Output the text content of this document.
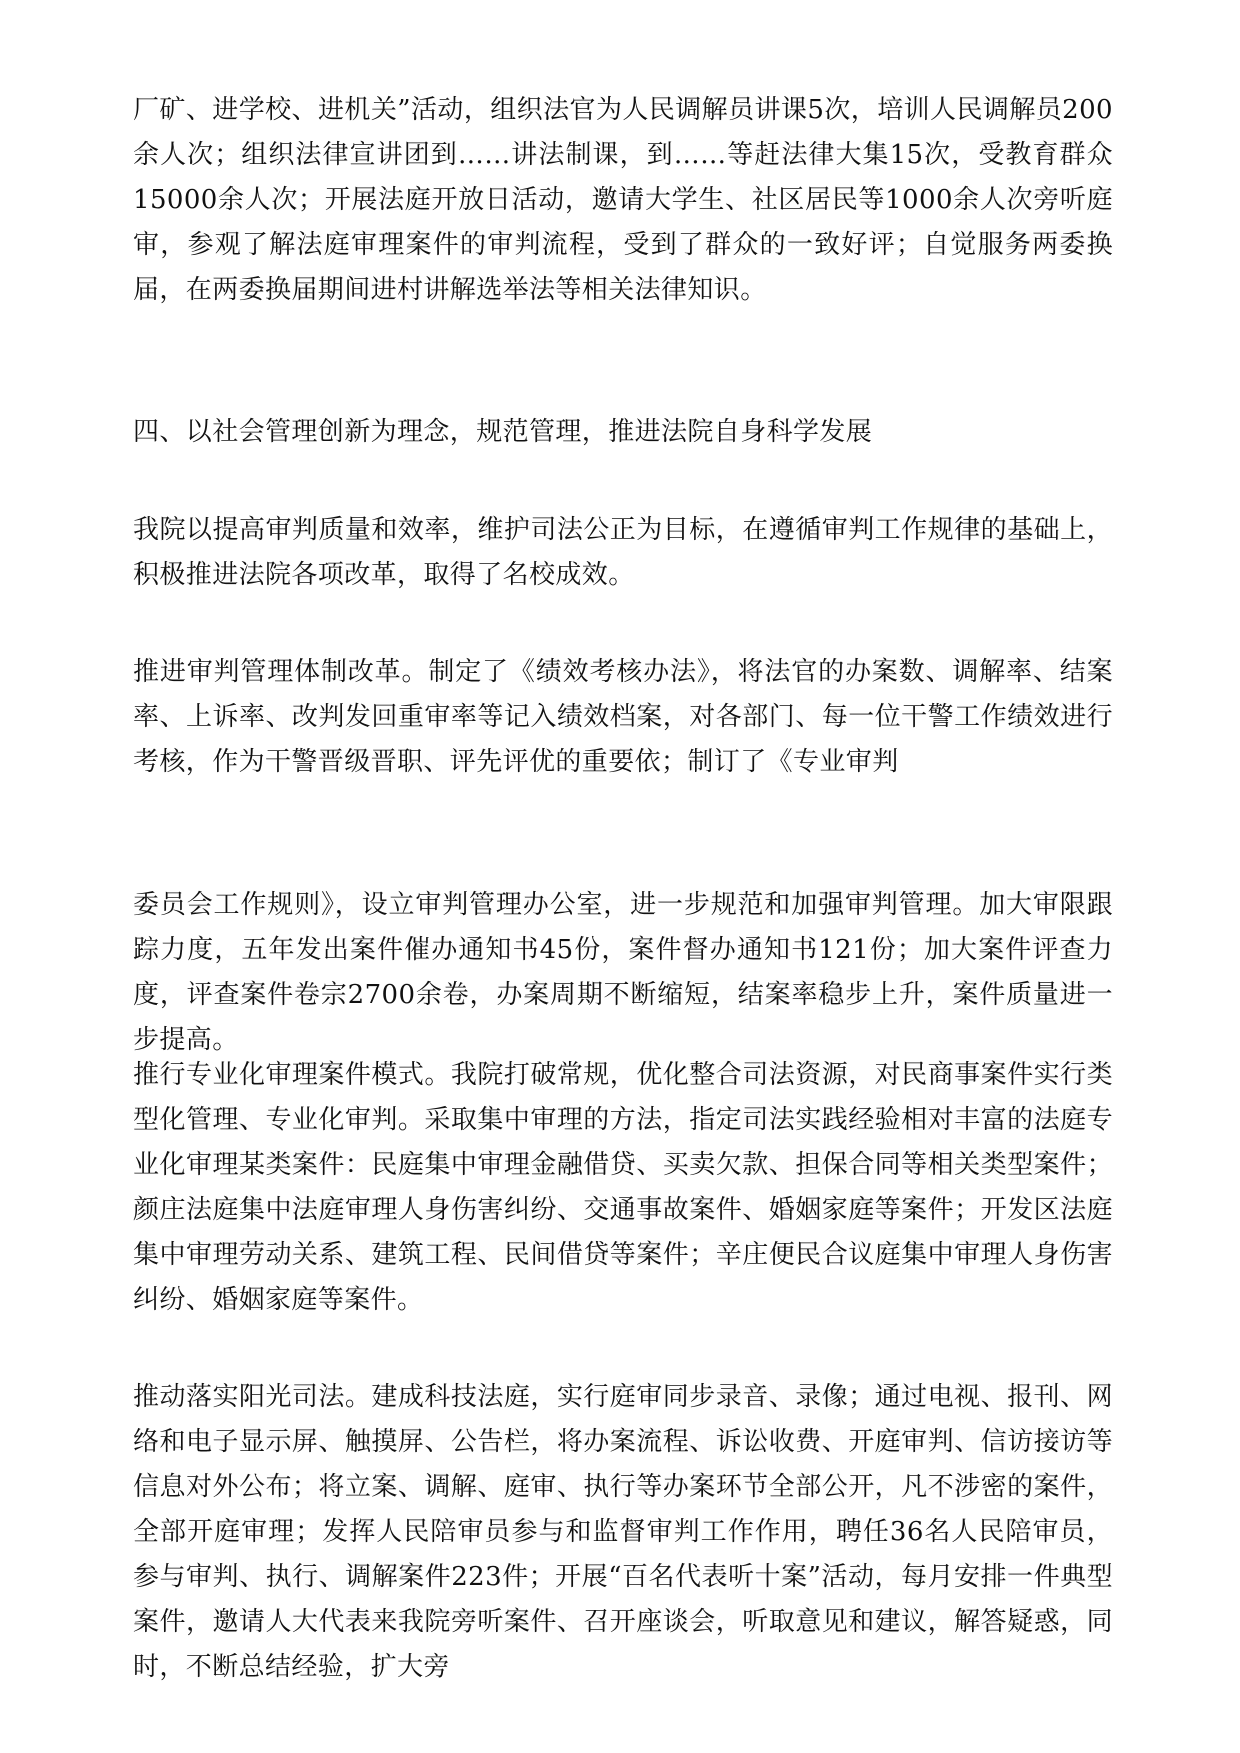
厂矿、进学校、进机关”活动，组织法官为人民调解员讲课5次，培训人民调解员200余人次；组织法律宣讲团到……讲法制课，到……等赶法律大集15次，受教育群众15000余人次；开展法庭开放日活动，邀请大学生、社区居民等1000余人次旁听庭审，参观了解法庭审理案件的审判流程，受到了群众的一致好评；自觉服务两委换届，在两委换届期间进村讲解选举法等相关法律知识。

四、以社会管理创新为理念，规范管理，推进法院自身科学发展

我院以提高审判质量和效率，维护司法公正为目标，在遵循审判工作规律的基础上，积极推进法院各项改革，取得了名校成效。

推进审判管理体制改革。制定了《绩效考核办法》，将法官的办案数、调解率、结案率、上诉率、改判发回重审率等记入绩效档案，对各部门、每一位干警工作绩效进行考核，作为干警晋级晋职、评先评优的重要依；制订了《专业审判

委员会工作规则》，设立审判管理办公室，进一步规范和加强审判管理。加大审限跟踪力度，五年发出案件催办通知书45份，案件督办通知书121份；加大案件评查力度，评查案件卷宗2700余卷，办案周期不断缩短，结案率稳步上升，案件质量进一步提高。

推行专业化审理案件模式。我院打破常规，优化整合司法资源，对民商事案件实行类型化管理、专业化审判。采取集中审理的方法，指定司法实践经验相对丰富的法庭专业化审理某类案件：民庭集中审理金融借贷、买卖欠款、担保合同等相关类型案件；颜庄法庭集中法庭审理人身伤害纠纷、交通事故案件、婚姻家庭等案件；开发区法庭集中审理劳动关系、建筑工程、民间借贷等案件；辛庄便民合议庭集中审理人身伤害纠纷、婚姻家庭等案件。

推动落实阳光司法。建成科技法庭，实行庭审同步录音、录像；通过电视、报刊、网络和电子显示屏、触摸屏、公告栏，将办案流程、诉讼收费、开庭审判、信访接访等信息对外公布；将立案、调解、庭审、执行等办案环节全部公开，凡不涉密的案件，全部开庭审理；发挥人民陪审员参与和监督审判工作作用，聘任36名人民陪审员，参与审判、执行、调解案件223件；开展“百名代表听十案”活动，每月安排一件典型案件，邀请人大代表来我院旁听案件、召开座谈会，听取意见和建议，解答疑惑，同时，不断总结经验，扩大旁
